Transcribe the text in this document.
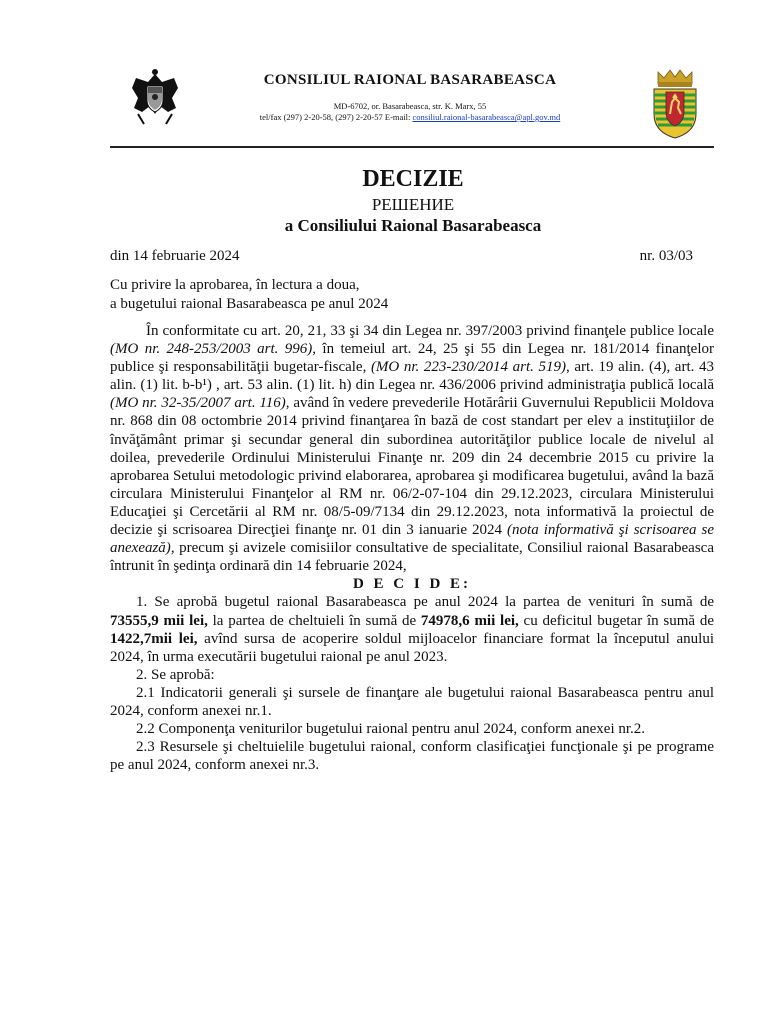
CONSILIUL RAIONAL BASARABEASCA
MD-6702, or. Basarabeasca, str. K. Marx, 55
tel/fax (297) 2-20-58, (297) 2-20-57 E-mail: consiliul.raional-basarabeasca@apl.gov.md
DECIZIE
РЕШЕНИЕ
a Consiliului Raional Basarabeasca
din 14 februarie 2024	nr. 03/03
Cu privire la aprobarea, în lectura a doua,
a bugetului raional Basarabeasca pe anul 2024

În conformitate cu art. 20, 21, 33 şi 34 din Legea nr. 397/2003 privind finanţele publice locale (MO nr. 248-253/2003 art. 996), în temeiul art. 24, 25 şi 55 din Legea nr. 181/2014 finanţelor publice şi responsabilităţii bugetar-fiscale, (MO nr. 223-230/2014 art. 519), art. 19 alin. (4), art. 43 alin. (1) lit. b-b¹) , art. 53 alin. (1) lit. h) din Legea nr. 436/2006 privind administraţia publică locală (MO nr. 32-35/2007 art. 116), având în vedere prevederile Hotărârii Guvernului Republicii Moldova nr. 868 din 08 octombrie 2014 privind finanţarea în bază de cost standart per elev a instituţiilor de învăţământ primar şi secundar general din subordinea autorităţilor publice locale de nivelul al doilea, prevederile Ordinului Ministerului Finanţe nr. 209 din 24 decembrie 2015 cu privire la aprobarea Setului metodologic privind elaborarea, aprobarea şi modificarea bugetului, având la bază circulara Ministerului Finanţelor al RM nr. 06/2-07-104 din 29.12.2023, circulara Ministerului Educaţiei şi Cercetării al RM nr. 08/5-09/7134 din 29.12.2023, nota informativă la proiectul de decizie şi scrisoarea Direcţiei finanţe nr. 01 din 3 ianuarie 2024 (nota informativă şi scrisoarea se anexează), precum şi avizele comisiilor consultative de specialitate, Consiliul raional Basarabeasca întrunit în şedinţa ordinară din 14 februarie 2024,

D E C I D E:

1. Se aprobă bugetul raional Basarabeasca pe anul 2024 la partea de venituri în sumă de 73555,9 mii lei, la partea de cheltuieli în sumă de 74978,6 mii lei, cu deficitul bugetar în sumă de 1422,7mii lei, avînd sursa de acoperire soldul mijloacelor financiare format la începutul anului 2024, în urma executării bugetului raional pe anul 2023.

2. Se aprobă:

2.1 Indicatorii generali şi sursele de finanţare ale bugetului raional Basarabeasca pentru anul 2024, conform anexei nr.1.

2.2 Componenţa veniturilor bugetului raional pentru anul 2024, conform anexei nr.2.

2.3 Resursele şi cheltuielile bugetului raional, conform clasificaţiei funcţionale şi pe programe pe anul 2024, conform anexei nr.3.
